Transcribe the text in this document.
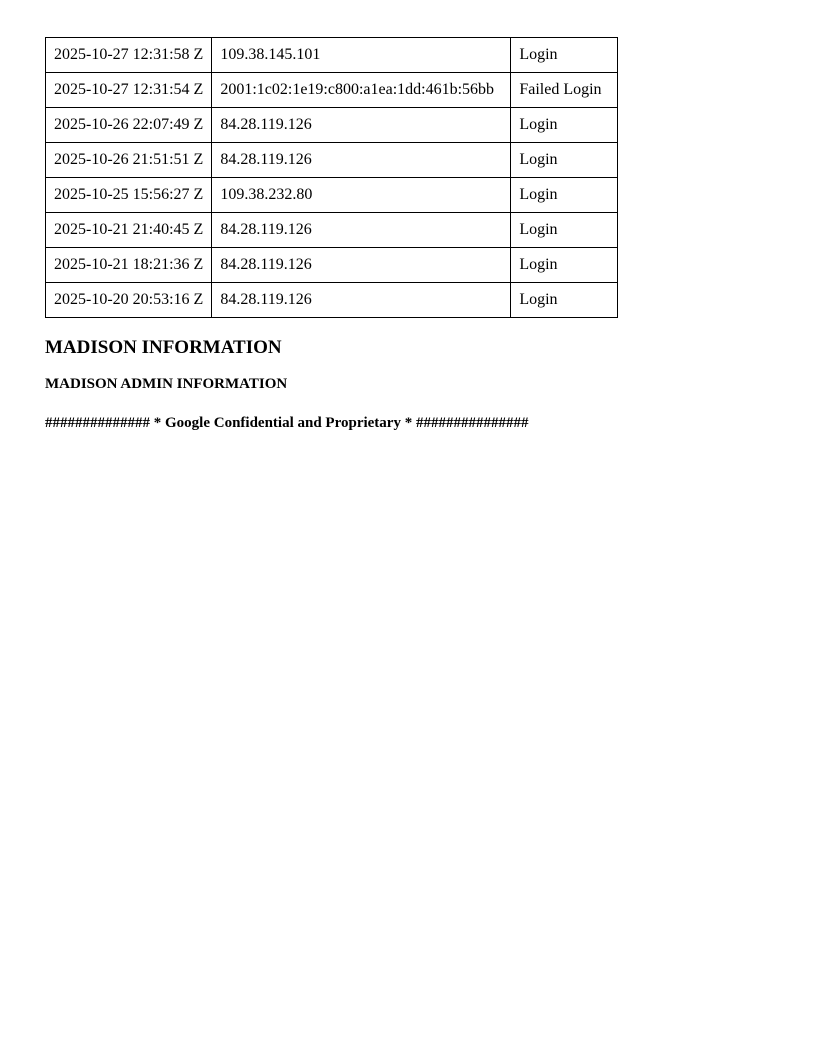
2025-10-27 12:31:58 Z	109.38.145.101	Login
2025-10-27 12:31:54 Z	2001:1c02:1e19:c800:a1ea:1dd:461b:56bb	Failed Login
2025-10-26 22:07:49 Z	84.28.119.126	Login
2025-10-26 21:51:51 Z	84.28.119.126	Login
2025-10-25 15:56:27 Z	109.38.232.80	Login
2025-10-21 21:40:45 Z	84.28.119.126	Login
2025-10-21 18:21:36 Z	84.28.119.126	Login
2025-10-20 20:53:16 Z	84.28.119.126	Login
MADISON INFORMATION
MADISON ADMIN INFORMATION

############## * Google Confidential and Proprietary * ###############
